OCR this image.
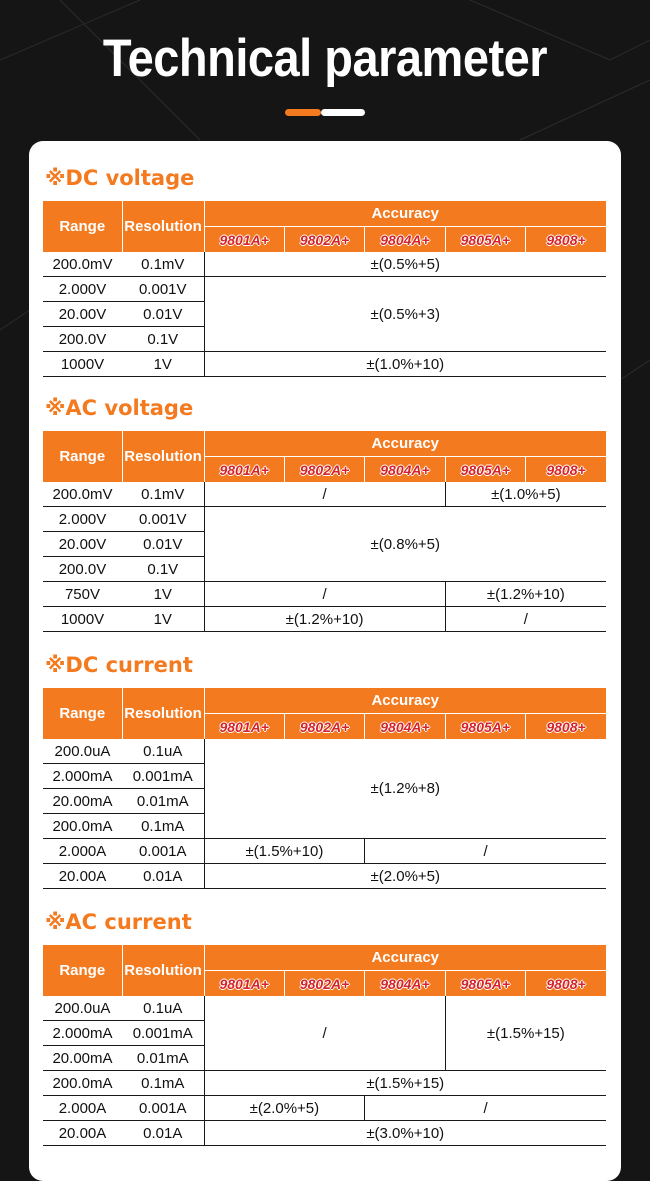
Technical parameter
※DC voltage
Range	Resolution	Accuracy				
		9801A+	9802A+	9804A+	9805A+	9808+
200.0mV	0.1mV	±(0.5%+5)				
2.000V	0.001V	±(0.5%+3)				
20.00V	0.01V					
200.0V	0.1V					
1000V	1V	±(1.0%+10)				
※AC voltage
Range	Resolution	Accuracy				
		9801A+	9802A+	9804A+	9805A+	9808+
200.0mV	0.1mV	/			±(1.0%+5)	
2.000V	0.001V	±(0.8%+5)				
20.00V	0.01V					
200.0V	0.1V					
750V	1V	/			±(1.2%+10)	
1000V	1V	±(1.2%+10)			/	
※DC current
Range	Resolution	Accuracy				
		9801A+	9802A+	9804A+	9805A+	9808+
200.0uA	0.1uA	±(1.2%+8)				
2.000mA	0.001mA					
20.00mA	0.01mA					
200.0mA	0.1mA					
2.000A	0.001A	±(1.5%+10)		/		
20.00A	0.01A	±(2.0%+5)				
※AC current
Range	Resolution	Accuracy				
		9801A+	9802A+	9804A+	9805A+	9808+
200.0uA	0.1uA	/			±(1.5%+15)	
2.000mA	0.001mA					
20.00mA	0.01mA					
200.0mA	0.1mA	±(1.5%+15)				
2.000A	0.001A	±(2.0%+5)		/		
20.00A	0.01A	±(3.0%+10)				
